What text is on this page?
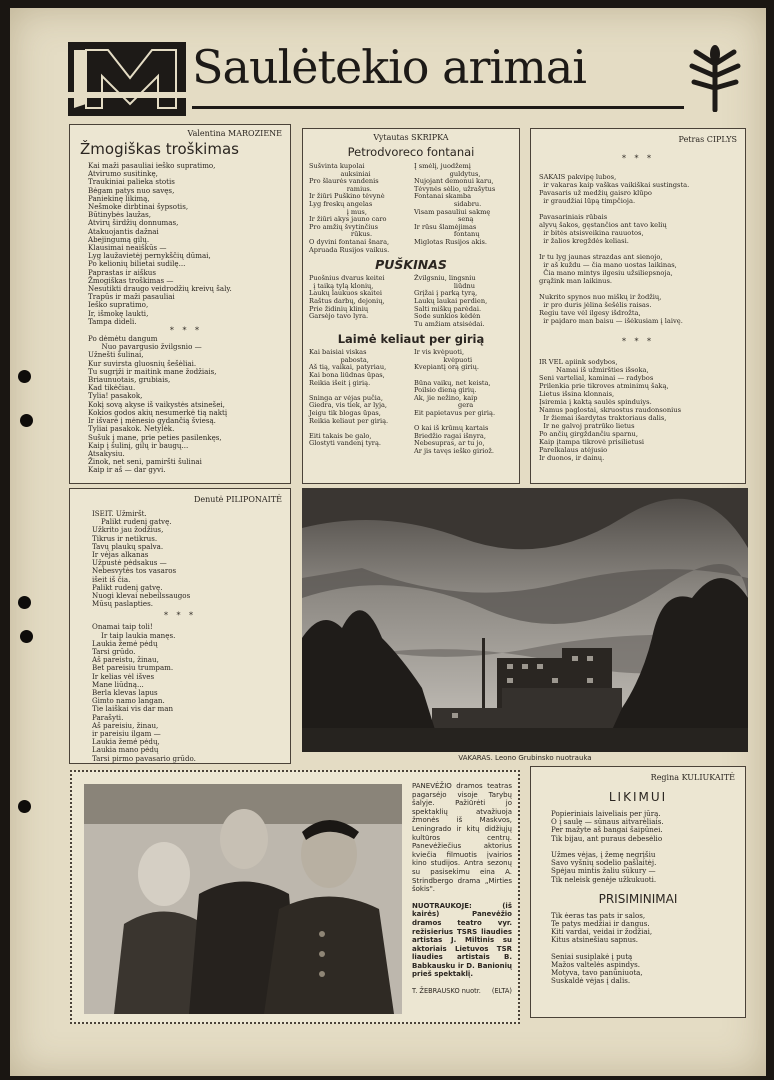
Saulėtekio arimai

Valentina MAROZIENE

Žmogiškas troškimas

Kai maži pasauliai ieško supratimo,
Atvirumo susitinkę,
Traukiniai palieka stotis
Bėgam patys nuo savęs,
Paniekinę likimą,
Nešmoke dirbtinai šypsotis,
Būtinybės laužas,
Atvirų širdžių donnumas,
Atakuojantis dažnai
Abejingumą gilų.
Klausimai neaiškūs —
Lyg laužavietėj pernykščių dūmai,
Po kelionių bilietai sudilę...
Paprastas ir aiškus
Žmogiškas troškimas —
Nesutikti draugo veidrodžių kreivų šaly.
Trapūs ir maži pasauliai
Ieško supratimo,
Ir, išmokę laukti,
Tampa dideli.

* * *

Po dėmėtu dangum
Nuo pavargusio žvilgsnio —
Užnešti šulinai,
Kur suvirsta gluosnių šešėliai.
Tu sugrįži ir maitink mane žodžiais,
Briaunuotais, grubiais,
Kad tikėčiau.
Tylia! pasakok,
Kokį sovą akyse iš vaikystės atsinešei,
Kokios godos akių nesumerkė tią naktį
Ir išvarė į mėnesio gydančią šviesą.
Tyliai pasakok. Netylėk.
Sušuk į mane, prie peties pasilenkęs,
Kaip į šulinį, gilų ir baugų...
Atsakysiu.
Žinok, net seni, pamiršti šulinai
Kaip ir aš — dar gyvi.

Vytautas SKRIPKA

Petrodvoreco fontanai

Sušvinta kupolai
auksiniai
Pro šlaurės vandenis
ramius.
Ir žiūri Puškino tėvynė
Lyg freskų angelas
į mus,
Ir žiūri akys jauno caro
Pro amžių švytinčius
rūkus.
O dyvini fontanai šnara,
Apruada Rusijos vaikus.

Į smėlį, juodžemį
guldytus,
Nujojant demonui karu,
Tėvynės sėlio, užrašytus
Fontanai skamba
sidabru.
Visam pasauliui sakmę
seną
Ir rūsu šlamėjimas
fontanų
Miglotas Rusijos akis.

PUŠKINAS

Puošnius dvarus keitei
į taiką tylą klonių,
Laukų laukuos skaitei
Raštus darbų, dejonių,
Prie židinių klinių
Garsėjo tavo lyra.

Žvilgsniu, lingsniu
liūdnu
Grįžai į parką tyrą,
Laukų laukai perdien,
Salti miškų parėdai.
Sode sunkios kėdėn
Tu amžiam atsisėdai.

Laimė keliaut per girią

Kai baisiai viskas
pabosta,
Aš tią, vaikai, patyriau,
Kai bona liūdnas ūpas,
Reikia išeit į girią.

Sninga ar vėjas pučia,
Giedra, vis tiek, ar lyja,
Jeigu tik blogas ūpas,
Reikia keliaut per girią.

Eiti takais be galo,
Glostyti vandenį tyrą.

Ir vis kvėpuoti,
kvėpuoti
Kvepiantį orą girių.

Būna vaikų, net keista,
Poilsio dieną girių.
Ak, jie nežino, kaip
gera
Eit papietavus per girią.

O kai iš krūmų kartais
Briedžio ragai išnyra,
Nebesupras, ar tu jo,
Ar jis tavęs ieško giriož.

Petras CIPLYS

* * *

SAKAIS pakvipę lubos,
ir vakaras kaip vaškas vaikiškai sustingsta.
Pavasaris už medžių gaisro klūpo
ir graudžiai lūpą timpčioja.

Pavasariniais rūbais
alyvų šakos, gęstančios ant tavo kelių
ir bitės atsisveikina rauuotos,
ir žalios kregždės keliasi.

Ir tu lyg jaunas strazdas ant sienojo,
ir aš kuždu — čia mano uostas laikinas,
Čia mano mintys ilgesiu užsiliepsnoja,
grąžink man laikinus.

Nukrito spynos nuo miškų ir žodžių,
ir pro duris jėlina šešėlis raisas.
Regiu tave vėl ilgesy išdrožta,
ir paįdaro man baisu — išėkusiam į laivę.

* * *

IR VEL apiink sodybos,
Namai iš užmiršties išsoka,
Seni vartelial, kaminai — radybos
Prilenkia prie tikroves atminimų šaką,
Lietus išsina klonnais,
Įsiremia į kaktą saulės spinduiys.
Namus paglostai, skruostus raudonsonius
Ir žiemai išardytas traktoriaus dalis,
Ir ne galvoj pratrūko lietus
Po ančių girgždančiu sparnu,
Kaip įtampa tikrovė prisilietusi
Parelkalaus atėjusio
Ir duonos, ir dainų.

Denutė PILIPONAITĖ

ISEIT. Užmiršt.
Palikt rudenį gatvę.
Užkrito jau žodžius,
Tikrus ir netikrus.
Tavų plaukų spalva.
Ir vėjas alkanas
Užpustė pėdsakus —
Nebesvytės tos vasaros
išeit iš čia.
Palikt rudenį gatvę.
Nuogi klevai nebeilssaugos
Mūsų paslapties.

* * *

Onamai taip toli!
Ir taip laukia manęs.
Laukia žemė pėdų
Tarsi grūdo.
Aš pareistu, žinau,
Bet pareisiu trumpam.
Ir kelias vėl išves
Mane liūdną...
Berla klevas lapus
Gimto namo langan.
Tie laiškai vis dar man
Parašyti.
Aš pareisiu, žinau,
ir pareisiu ilgam —
Laukia žemė pėdų,
Laukia mano pėdų
Tarsi pirmo pavasario grūdo.	VAKARAS. Leono Grubinsko nuotrauka

PANEVĖŽIO dramos teatras pagarsėjo visoje Tarybų šalyje. Pažiūrėti jo spektaklių atvažiuoja žmonės iš Maskvos, Leningrado ir kitų didžiųjų kultūros centrų. Panevėžiečius aktorius kviečia filmuotis įvairios kino studijos. Antra sezonų su pasisekimu eina A. Strindbergo drama „Mirties šokis".

NUOTRAUKOJE: (iš kairės) Panevėžio dramos teatro vyr. režisierius TSRS liaudies artistas J. Miltinis su aktoriais Lietuvos TSR liaudies artistais B. Babkausku ir D. Banionių prieš spektaklį.

T. ŽEBRAUSKO nuotr. (ELTA)

Regina KULIUKAITĖ

LIKIMUI

Popieriniais laiveliais per jūrą.
O į saulę — sūnaus aitvarėliais.
Per mažyte aš bangai šaipūnei.
Tik bijau, ant puraus debesėlio

Užmes vėjas, į žemę negrįšiu
Savo vyšnių sodelio pašlaitėj.
Spėjau mintis žaliu sūkury —
Tik neleisk genėje užkukuoti.

PRISIMINIMAI

Tik ėeras tas pats ir salos,
Te patys medžiai ir dangus.
Kiti vardai, veidai ir žodžiai,
Kitus atsinešiau sapnus.

Seniai susiplakė į putą
Mažos valtelės aspindys.
Motyva, tavo panūniuota,
Suskaldė vėjas į dalis.
